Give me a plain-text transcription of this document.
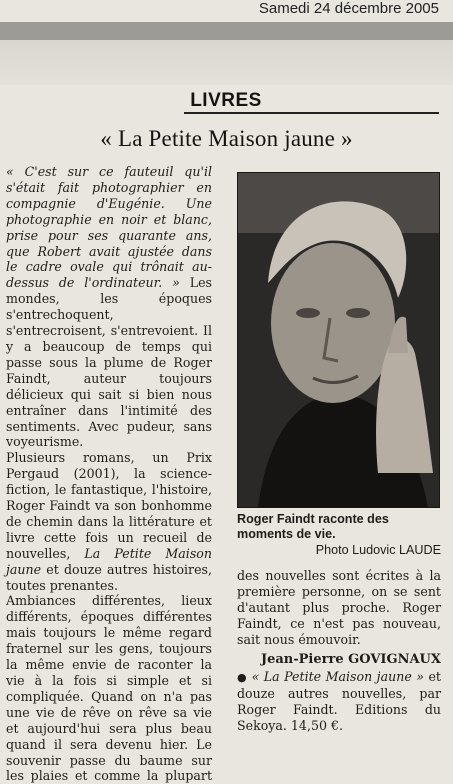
Samedi 24 décembre 2005
LIVRES
« La Petite Maison jaune »

« C'est sur ce fauteuil qu'il s'était fait photographier en compagnie d'Eugénie. Une photographie en noir et blanc, prise pour ses quarante ans, que Robert avait ajustée dans le cadre ovale qui trônait au-dessus de l'ordinateur. » Les mondes, les époques s'entrechoquent, s'entrecroisent, s'entrevoient. Il y a beaucoup de temps qui passe sous la plume de Roger Faindt, auteur toujours délicieux qui sait si bien nous entraîner dans l'intimité des sentiments. Avec pudeur, sans voyeurisme.

Plusieurs romans, un Prix Pergaud (2001), la science-fiction, le fantastique, l'histoire, Roger Faindt va son bonhomme de chemin dans la littérature et livre cette fois un recueil de nouvelles, La Petite Maison jaune et douze autres histoires, toutes prenantes.

Ambiances différentes, lieux différents, époques différentes mais toujours le même regard fraternel sur les gens, toujours la même envie de raconter la vie à la fois si simple et si compliquée. Quand on n'a pas une vie de rêve on rêve sa vie et aujourd'hui sera plus beau quand il sera devenu hier. Le souvenir passe du baume sur les plaies et comme la plupart

Roger Faindt raconte des moments de vie.
Photo Ludovic LAUDE

des nouvelles sont écrites à la première personne, on se sent d'autant plus proche. Roger Faindt, ce n'est pas nouveau, sait nous émouvoir.

Jean-Pierre GOVIGNAUX

● « La Petite Maison jaune » et douze autres nouvelles, par Roger Faindt. Editions du Sekoya. 14,50 €.
